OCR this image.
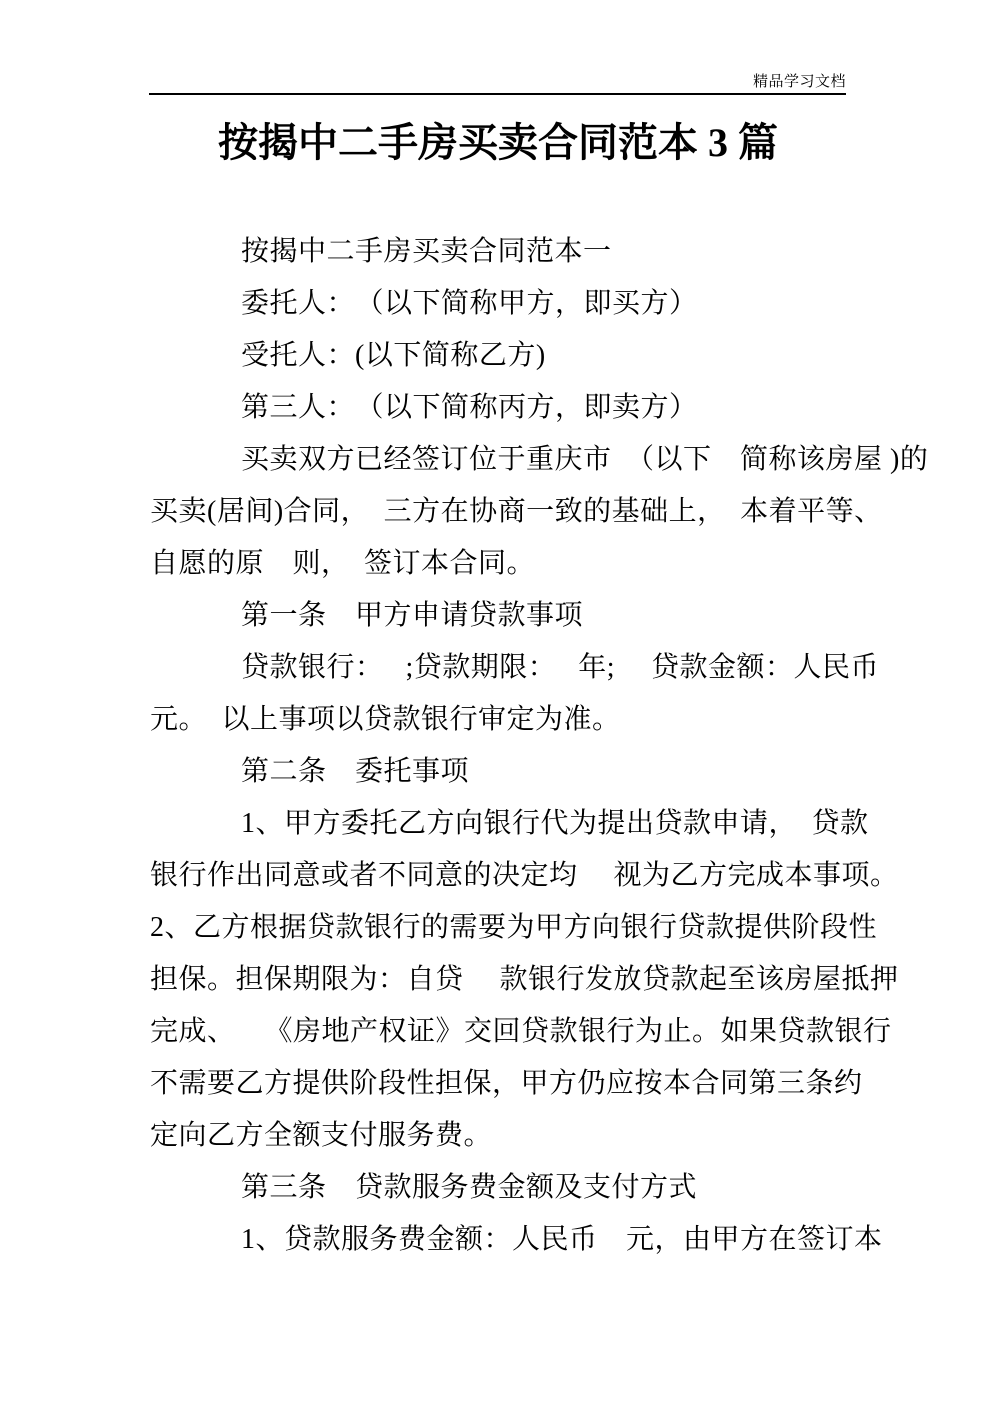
精品学习文档
按揭中二手房买卖合同范本 3 篇
按揭中二手房买卖合同范本一
委托人：　（以下简称甲方，即买方）
受托人：(以下简称乙方)
第三人：　（以下简称丙方，即卖方）
买卖双方已经签订位于重庆市　（以下　简称该房屋 )的
买卖(居间)合同，　三方在协商一致的基础上，　本着平等、
自愿的原　则，　签订本合同。
第一条　甲方申请贷款事项
贷款银行：　 ;贷款期限：　 年;　 贷款金额：人民币
元。　以上事项以贷款银行审定为准。
第二条　委托事项
1、甲方委托乙方向银行代为提出贷款申请，　贷款
银行作出同意或者不同意的决定均　 视为乙方完成本事项。
2、乙方根据贷款银行的需要为甲方向银行贷款提供阶段性
担保。担保期限为：自贷　 款银行发放贷款起至该房屋抵押
完成、　　《房地产权证》交回贷款银行为止。如果贷款银行
不需要乙方提供阶段性担保，甲方仍应按本合同第三条约
定向乙方全额支付服务费。
第三条　贷款服务费金额及支付方式
1、贷款服务费金额：人民币　元，由甲方在签订本
